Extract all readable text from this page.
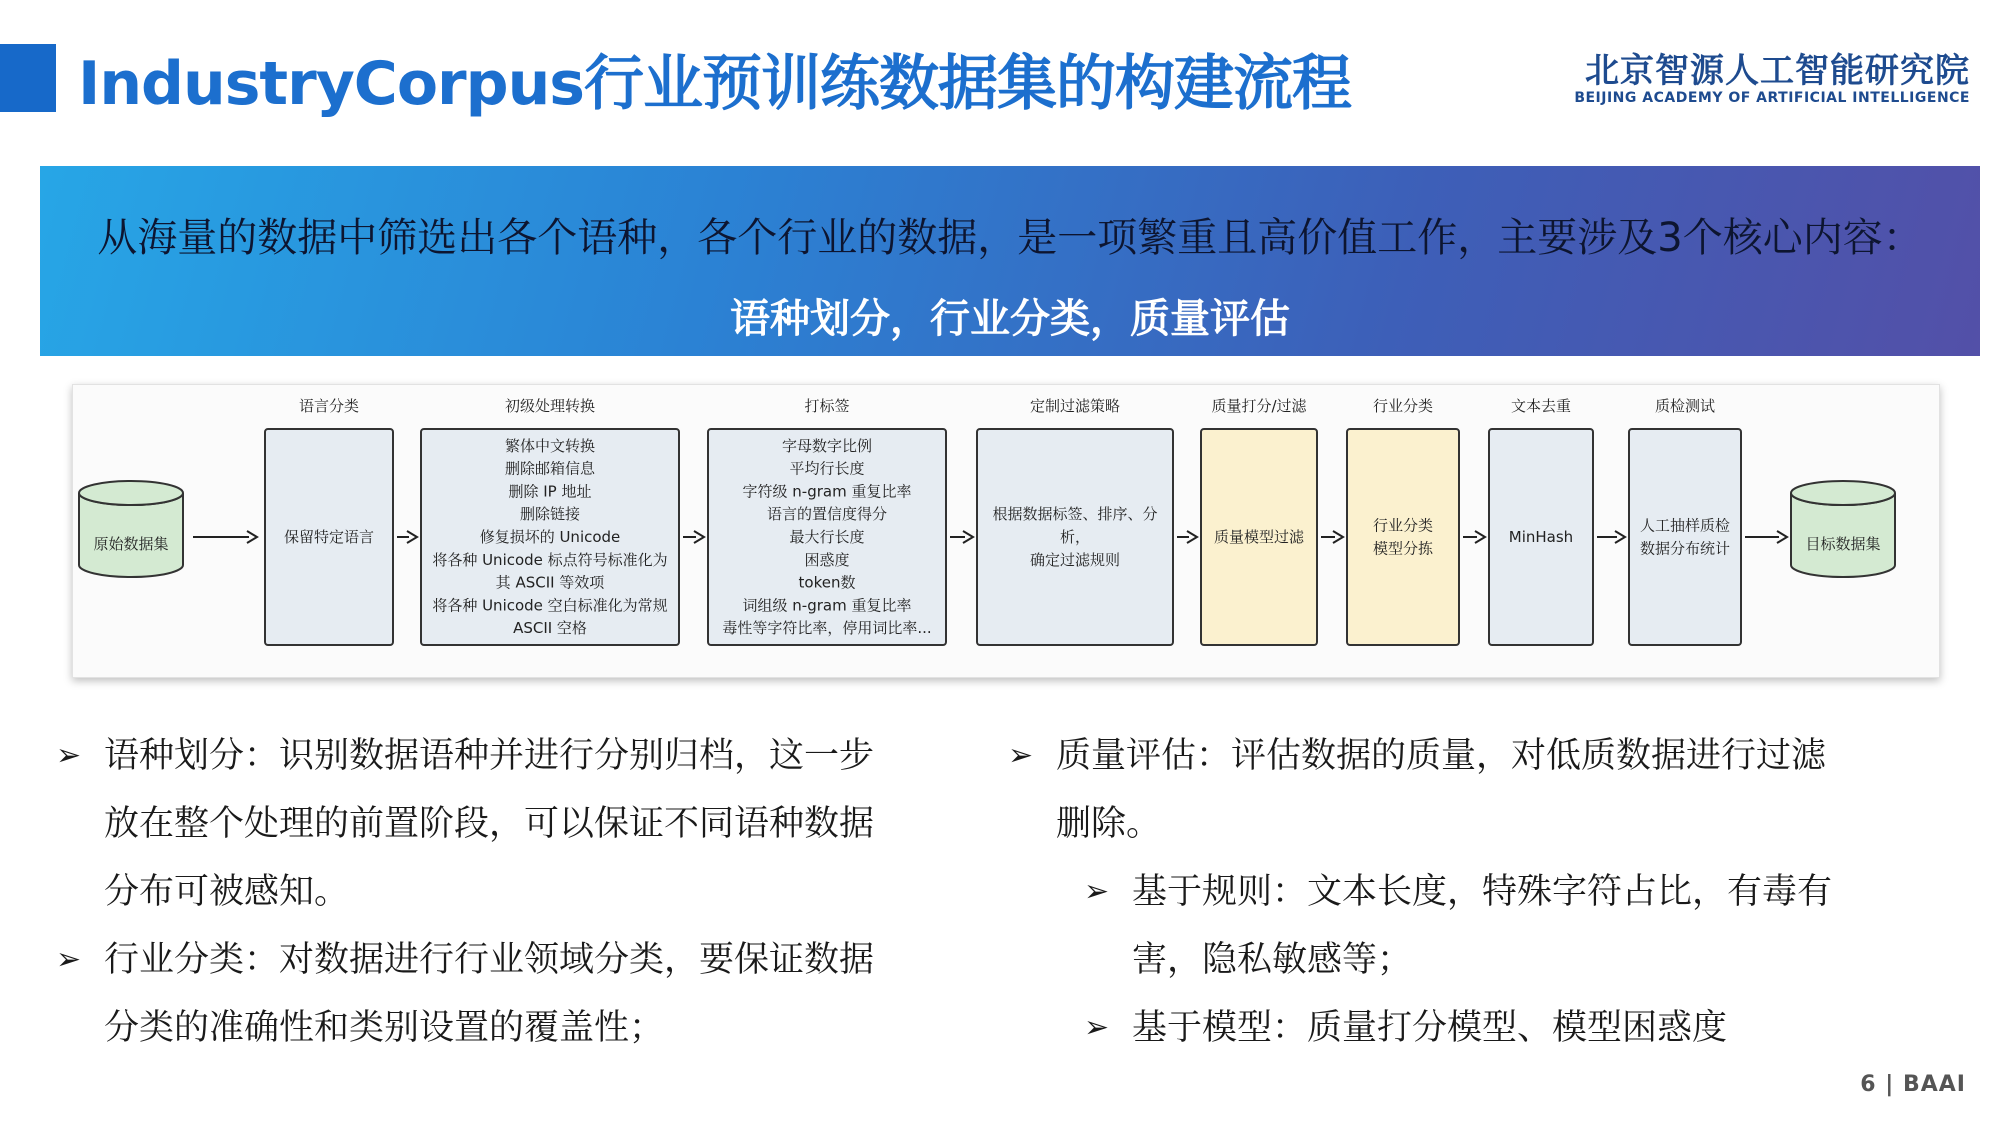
IndustryCorpus行业预训练数据集的构建流程	北京智源人工智能研究院
BEIJING ACADEMY OF ARTIFICIAL INTELLIGENCE
从海量的数据中筛选出各个语种，各个行业的数据，是一项繁重且高价值工作，主要涉及3个核心内容：
语种划分，行业分类，质量评估
原始数据集
语言分类
保留特定语言
初级处理转换
繁体中文转换
删除邮箱信息
删除 IP 地址
删除链接
修复损坏的 Unicode
将各种 Unicode 标点符号标准化为
其 ASCII 等效项
将各种 Unicode 空白标准化为常规
ASCII 空格
打标签
字母数字比例
平均行长度
字符级 n-gram 重复比率
语言的置信度得分
最大行长度
困惑度
token数
词组级 n-gram 重复比率
毒性等字符比率，停用词比率...
定制过滤策略
根据数据标签、排序、分
析，
确定过滤规则
质量打分/过滤
质量模型过滤
行业分类
行业分类
模型分拣
文本去重
MinHash
质检测试
人工抽样质检
数据分布统计	目标数据集
➢ 语种划分：识别数据语种并进行分别归档，这一步
放在整个处理的前置阶段，可以保证不同语种数据
分布可被感知。
➢ 行业分类：对数据进行行业领域分类，要保证数据
分类的准确性和类别设置的覆盖性；
➢ 质量评估：评估数据的质量，对低质数据进行过滤
删除。
➢ 基于规则：文本长度，特殊字符占比，有毒有
害，隐私敏感等；
➢ 基于模型：质量打分模型、模型困惑度
6 | BAAI
